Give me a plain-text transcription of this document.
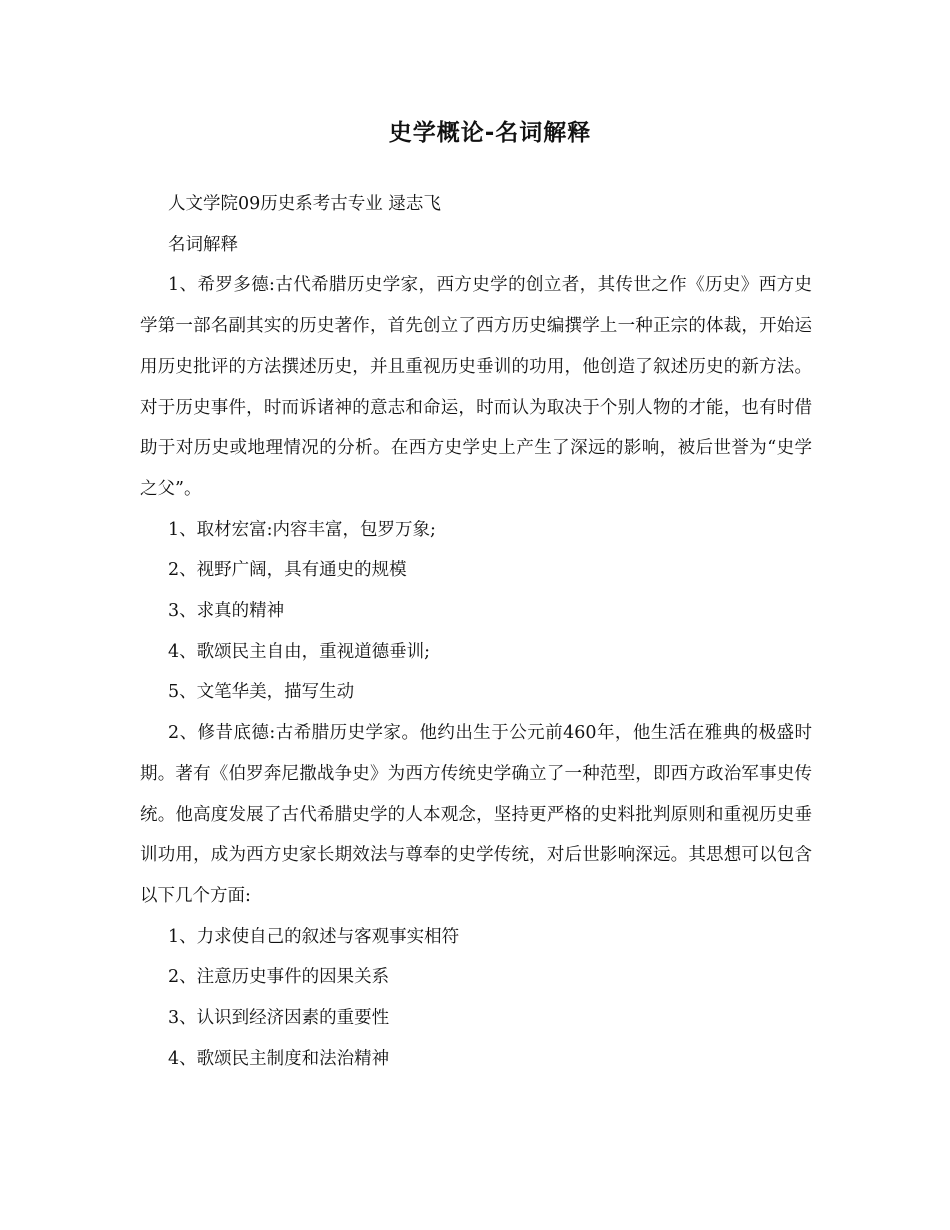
史学概论-名词解释

人文学院09历史系考古专业 逯志飞

名词解释

1、希罗多德:古代希腊历史学家，西方史学的创立者，其传世之作《历史》西方史学第一部名副其实的历史著作，首先创立了西方历史编撰学上一种正宗的体裁，开始运用历史批评的方法撰述历史，并且重视历史垂训的功用，他创造了叙述历史的新方法。对于历史事件，时而诉诸神的意志和命运，时而认为取决于个别人物的才能，也有时借助于对历史或地理情况的分析。在西方史学史上产生了深远的影响，被后世誉为“史学之父”。

1、取材宏富:内容丰富，包罗万象;

2、视野广阔，具有通史的规模

3、求真的精神

4、歌颂民主自由，重视道德垂训;

5、文笔华美，描写生动

2、修昔底德:古希腊历史学家。他约出生于公元前460年，他生活在雅典的极盛时期。著有《伯罗奔尼撒战争史》为西方传统史学确立了一种范型，即西方政治军事史传统。他高度发展了古代希腊史学的人本观念，坚持更严格的史料批判原则和重视历史垂训功用，成为西方史家长期效法与尊奉的史学传统，对后世影响深远。其思想可以包含以下几个方面:

1、力求使自己的叙述与客观事实相符

2、注意历史事件的因果关系

3、认识到经济因素的重要性

4、歌颂民主制度和法治精神
